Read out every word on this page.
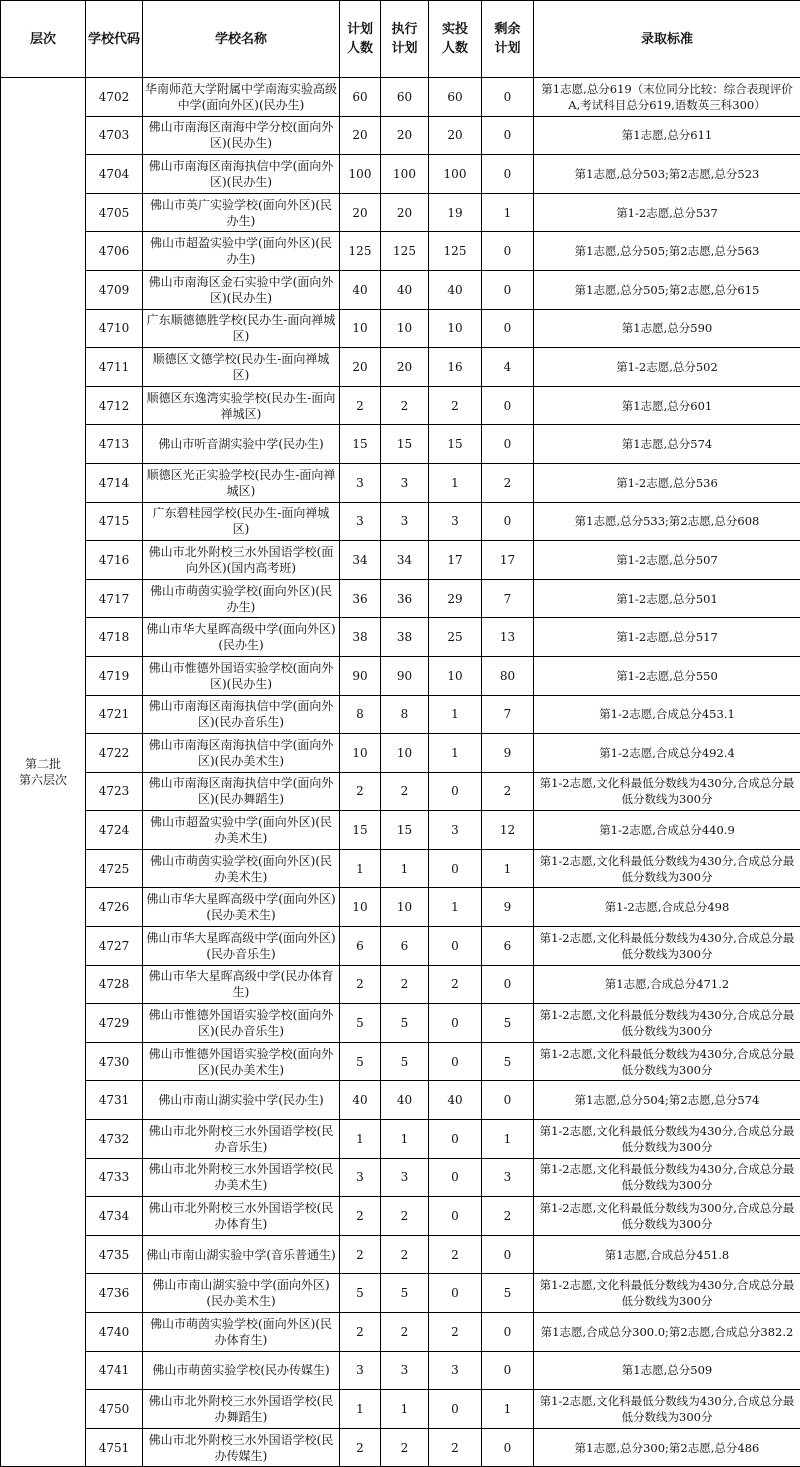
层次	学校代码	学校名称	计划人数	执行计划	实投人数	剩余计划	录取标准

第二批
第六层次	4702	华南师范大学附属中学南海实验高级中学(面向外区)(民办生)	60	60	60	0	第1志愿,总分619（末位同分比较：综合表现评价A,考试科目总分619,语数英三科300）
	4703	佛山市南海区南海中学分校(面向外区)(民办生)	20	20	20	0	第1志愿,总分611
	4704	佛山市南海区南海执信中学(面向外区)(民办生)	100	100	100	0	第1志愿,总分503;第2志愿,总分523
	4705	佛山市英广实验学校(面向外区)(民办生)	20	20	19	1	第1-2志愿,总分537
	4706	佛山市超盈实验中学(面向外区)(民办生)	125	125	125	0	第1志愿,总分505;第2志愿,总分563
	4709	佛山市南海区金石实验中学(面向外区)(民办生)	40	40	40	0	第1志愿,总分505;第2志愿,总分615
	4710	广东顺德德胜学校(民办生-面向禅城区)	10	10	10	0	第1志愿,总分590
	4711	顺德区文德学校(民办生-面向禅城区)	20	20	16	4	第1-2志愿,总分502
	4712	顺德区东逸湾实验学校(民办生-面向禅城区)	2	2	2	0	第1志愿,总分601
	4713	佛山市听音湖实验中学(民办生)	15	15	15	0	第1志愿,总分574
	4714	顺德区光正实验学校(民办生-面向禅城区)	3	3	1	2	第1-2志愿,总分536
	4715	广东碧桂园学校(民办生-面向禅城区)	3	3	3	0	第1志愿,总分533;第2志愿,总分608
	4716	佛山市北外附校三水外国语学校(面向外区)(国内高考班)	34	34	17	17	第1-2志愿,总分507
	4717	佛山市萌茵实验学校(面向外区)(民办生)	36	36	29	7	第1-2志愿,总分501
	4718	佛山市华大星晖高级中学(面向外区)(民办生)	38	38	25	13	第1-2志愿,总分517
	4719	佛山市惟德外国语实验学校(面向外区)(民办生)	90	90	10	80	第1-2志愿,总分550
	4721	佛山市南海区南海执信中学(面向外区)(民办音乐生)	8	8	1	7	第1-2志愿,合成总分453.1
	4722	佛山市南海区南海执信中学(面向外区)(民办美术生)	10	10	1	9	第1-2志愿,合成总分492.4
	4723	佛山市南海区南海执信中学(面向外区)(民办舞蹈生)	2	2	0	2	第1-2志愿,文化科最低分数线为430分,合成总分最低分数线为300分
	4724	佛山市超盈实验中学(面向外区)(民办美术生)	15	15	3	12	第1-2志愿,合成总分440.9
	4725	佛山市萌茵实验学校(面向外区)(民办美术生)	1	1	0	1	第1-2志愿,文化科最低分数线为430分,合成总分最低分数线为300分
	4726	佛山市华大星晖高级中学(面向外区)(民办美术生)	10	10	1	9	第1-2志愿,合成总分498
	4727	佛山市华大星晖高级中学(面向外区)(民办音乐生)	6	6	0	6	第1-2志愿,文化科最低分数线为430分,合成总分最低分数线为300分
	4728	佛山市华大星晖高级中学(民办体育生)	2	2	2	0	第1志愿,合成总分471.2
	4729	佛山市惟德外国语实验学校(面向外区)(民办音乐生)	5	5	0	5	第1-2志愿,文化科最低分数线为430分,合成总分最低分数线为300分
	4730	佛山市惟德外国语实验学校(面向外区)(民办美术生)	5	5	0	5	第1-2志愿,文化科最低分数线为430分,合成总分最低分数线为300分
	4731	佛山市南山湖实验中学(民办生)	40	40	40	0	第1志愿,总分504;第2志愿,总分574
	4732	佛山市北外附校三水外国语学校(民办音乐生)	1	1	0	1	第1-2志愿,文化科最低分数线为430分,合成总分最低分数线为300分
	4733	佛山市北外附校三水外国语学校(民办美术生)	3	3	0	3	第1-2志愿,文化科最低分数线为430分,合成总分最低分数线为300分
	4734	佛山市北外附校三水外国语学校(民办体育生)	2	2	0	2	第1-2志愿,文化科最低分数线为300分,合成总分最低分数线为300分
	4735	佛山市南山湖实验中学(音乐普通生)	2	2	2	0	第1志愿,合成总分451.8
	4736	佛山市南山湖实验中学(面向外区)(民办美术生)	5	5	0	5	第1-2志愿,文化科最低分数线为430分,合成总分最低分数线为300分
	4740	佛山市萌茵实验学校(面向外区)(民办体育生)	2	2	2	0	第1志愿,合成总分300.0;第2志愿,合成总分382.2
	4741	佛山市萌茵实验学校(民办传媒生)	3	3	3	0	第1志愿,总分509
	4750	佛山市北外附校三水外国语学校(民办舞蹈生)	1	1	0	1	第1-2志愿,文化科最低分数线为430分,合成总分最低分数线为300分
	4751	佛山市北外附校三水外国语学校(民办传媒生)	2	2	2	0	第1志愿,总分300;第2志愿,总分486
